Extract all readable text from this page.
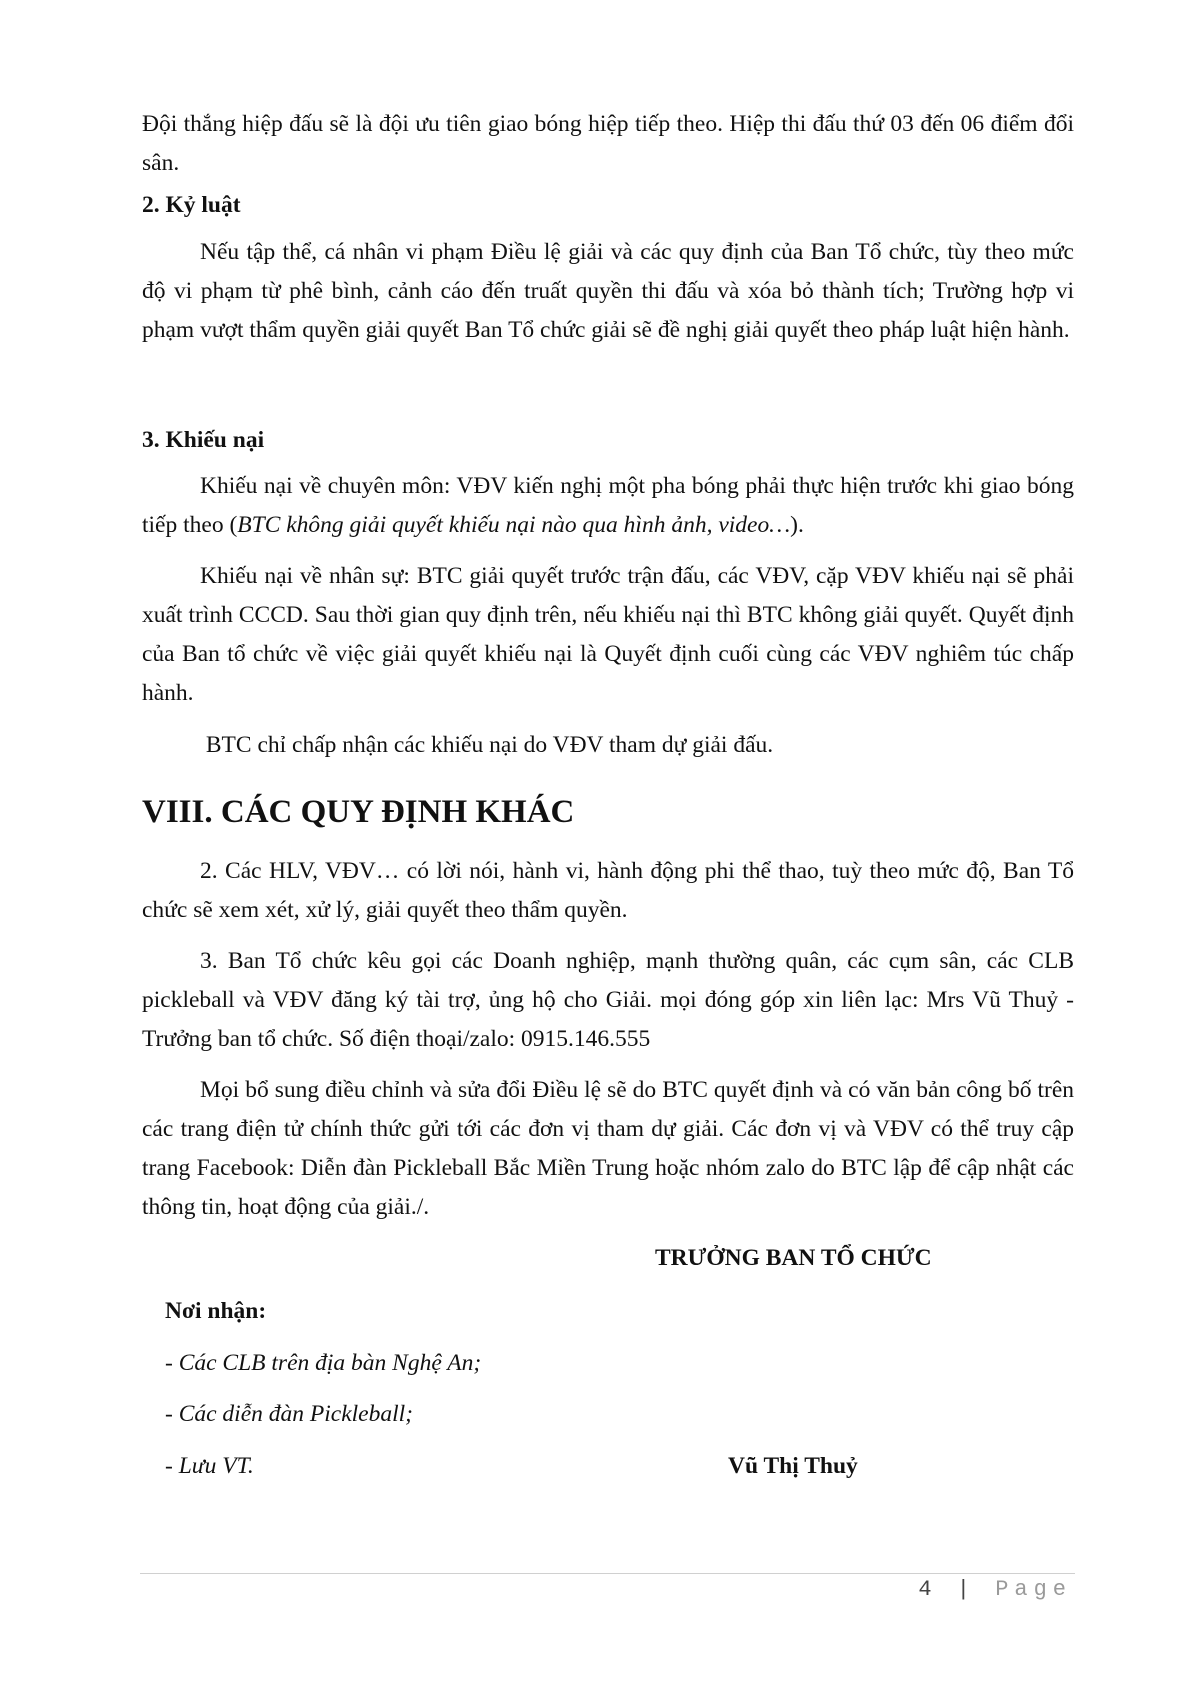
Đội thắng hiệp đấu sẽ là đội ưu tiên giao bóng hiệp tiếp theo. Hiệp thi đấu thứ 03 đến 06 điểm đổi sân.

2. Kỷ luật

Nếu tập thể, cá nhân vi phạm Điều lệ giải và các quy định của Ban Tổ chức, tùy theo mức độ vi phạm từ phê bình, cảnh cáo đến truất quyền thi đấu và xóa bỏ thành tích; Trường hợp vi phạm vượt thẩm quyền giải quyết Ban Tổ chức giải sẽ đề nghị giải quyết theo pháp luật hiện hành.

3. Khiếu nại

Khiếu nại về chuyên môn: VĐV kiến nghị một pha bóng phải thực hiện trước khi giao bóng tiếp theo (BTC không giải quyết khiếu nại nào qua hình ảnh, video…).

Khiếu nại về nhân sự: BTC giải quyết trước trận đấu, các VĐV, cặp VĐV khiếu nại sẽ phải xuất trình CCCD. Sau thời gian quy định trên, nếu khiếu nại thì BTC không giải quyết. Quyết định của Ban tổ chức về việc giải quyết khiếu nại là Quyết định cuối cùng các VĐV nghiêm túc chấp hành.

BTC chỉ chấp nhận các khiếu nại do VĐV tham dự giải đấu.

VIII. CÁC QUY ĐỊNH KHÁC

2. Các HLV, VĐV… có lời nói, hành vi, hành động phi thể thao, tuỳ theo mức độ, Ban Tổ chức sẽ xem xét, xử lý, giải quyết theo thẩm quyền.

3. Ban Tổ chức kêu gọi các Doanh nghiệp, mạnh thường quân, các cụm sân, các CLB pickleball và VĐV đăng ký tài trợ, ủng hộ cho Giải. mọi đóng góp xin liên lạc: Mrs Vũ Thuỷ - Trưởng ban tổ chức. Số điện thoại/zalo: 0915.146.555

Mọi bổ sung điều chỉnh và sửa đổi Điều lệ sẽ do BTC quyết định và có văn bản công bố trên các trang điện tử chính thức gửi tới các đơn vị tham dự giải. Các đơn vị và VĐV có thể truy cập trang Facebook: Diễn đàn Pickleball Bắc Miền Trung hoặc nhóm zalo do BTC lập để cập nhật các thông tin, hoạt động của giải./.

TRƯỞNG BAN TỔ CHỨC

Nơi nhận:

- Các CLB trên địa bàn Nghệ An;

- Các diễn đàn Pickleball;

- Lưu VT.	Vũ Thị Thuỷ

4 | Page
